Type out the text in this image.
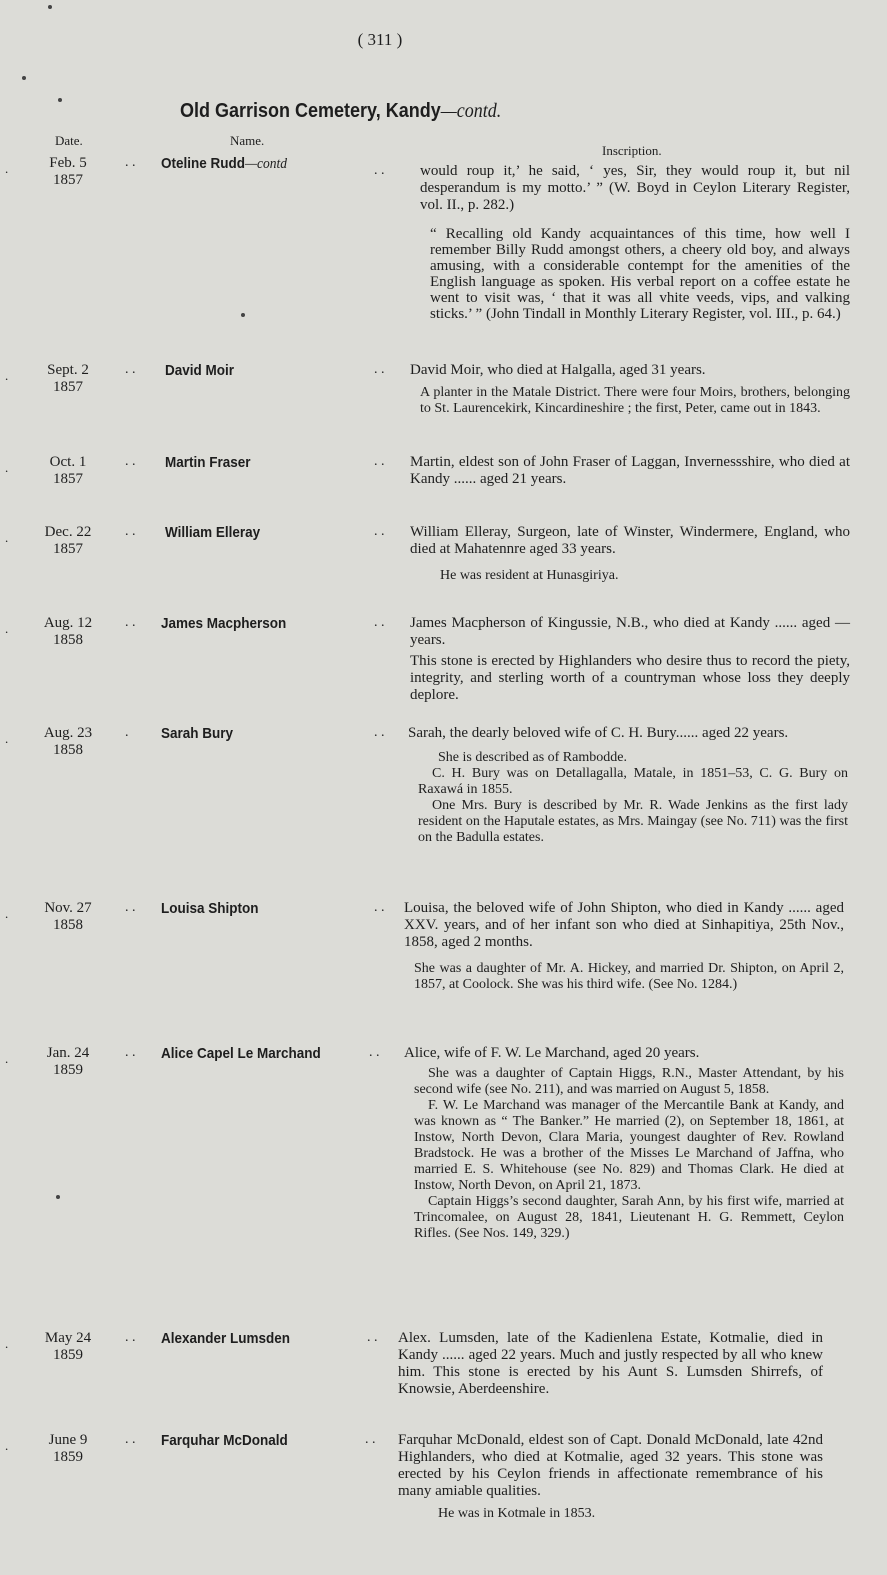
( 311 )
Old Garrison Cemetery, Kandy—contd.
Date.	Name.
Inscription.
.	Feb. 5
1857
. . Oteline Rudd—contd	. . would roup it,’ he said, ‘ yes, Sir, they would roup it, but nil desperandum is my motto.’ ” (W. Boyd in Ceylon Literary Register, vol. II., p. 282.)

“ Recalling old Kandy acquaintances of this time, how well I remember Billy Rudd amongst others, a cheery old boy, and always amusing, with a considerable contempt for the amenities of the English language as spoken. His verbal report on a coffee estate he went to visit was, ‘ that it was all vhite veeds, vips, and valking sticks.’ ” (John Tindall in Monthly Literary Register, vol. III., p. 64.)

.	Sept. 2
1857
. . David Moir	. . David Moir, who died at Halgalla, aged 31 years.

A planter in the Matale District. There were four Moirs, brothers, belonging to St. Laurencekirk, Kincardineshire ; the first, Peter, came out in 1843.

.	Oct. 1
1857
. . Martin Fraser	. . Martin, eldest son of John Fraser of Laggan, Invernessshire, who died at Kandy ...... aged 21 years.

.	Dec. 22
1857
. . William Elleray	. . William Elleray, Surgeon, late of Winster, Windermere, England, who died at Mahatennre aged 33 years.

He was resident at Hunasgiriya.

.	Aug. 12
1858
. . James Macpherson	. . James Macpherson of Kingussie, N.B., who died at Kandy ...... aged — years.

This stone is erected by Highlanders who desire thus to record the piety, integrity, and sterling worth of a countryman whose loss they deeply deplore.

.	Aug. 23
1858
. Sarah Bury	. . Sarah, the dearly beloved wife of C. H. Bury...... aged 22 years.

She is described as of Rambodde.

C. H. Bury was on Detallagalla, Matale, in 1851–53, C. G. Bury on Raxawá in 1855.

One Mrs. Bury is described by Mr. R. Wade Jenkins as the first lady resident on the Haputale estates, as Mrs. Maingay (see No. 711) was the first on the Badulla estates.

.	Nov. 27
1858
. . Louisa Shipton	. . Louisa, the beloved wife of John Shipton, who died in Kandy ...... aged XXV. years, and of her infant son who died at Sinhapitiya, 25th Nov., 1858, aged 2 months.

She was a daughter of Mr. A. Hickey, and married Dr. Shipton, on April 2, 1857, at Coolock. She was his third wife. (See No. 1284.)

.	Jan. 24
1859
. . Alice Capel Le Marchand	. . Alice, wife of F. W. Le Marchand, aged 20 years.

She was a daughter of Captain Higgs, R.N., Master Attendant, by his second wife (see No. 211), and was married on August 5, 1858.

F. W. Le Marchand was manager of the Mercantile Bank at Kandy, and was known as “ The Banker.” He married (2), on September 18, 1861, at Instow, North Devon, Clara Maria, youngest daughter of Rev. Rowland Bradstock. He was a brother of the Misses Le Marchand of Jaffna, who married E. S. Whitehouse (see No. 829) and Thomas Clark. He died at Instow, North Devon, on April 21, 1873.

Captain Higgs’s second daughter, Sarah Ann, by his first wife, married at Trincomalee, on August 28, 1841, Lieutenant H. G. Remmett, Ceylon Rifles. (See Nos. 149, 329.)

.	May 24
1859
. . Alexander Lumsden	. . Alex. Lumsden, late of the Kadienlena Estate, Kotmalie, died in Kandy ...... aged 22 years. Much and justly respected by all who knew him. This stone is erected by his Aunt S. Lumsden Shirrefs, of Knowsie, Aberdeenshire.

.	June 9
1859
. . Farquhar McDonald	. . Farquhar McDonald, eldest son of Capt. Donald McDonald, late 42nd Highlanders, who died at Kotmalie, aged 32 years. This stone was erected by his Ceylon friends in affectionate remembrance of his many amiable qualities.

He was in Kotmale in 1853.
